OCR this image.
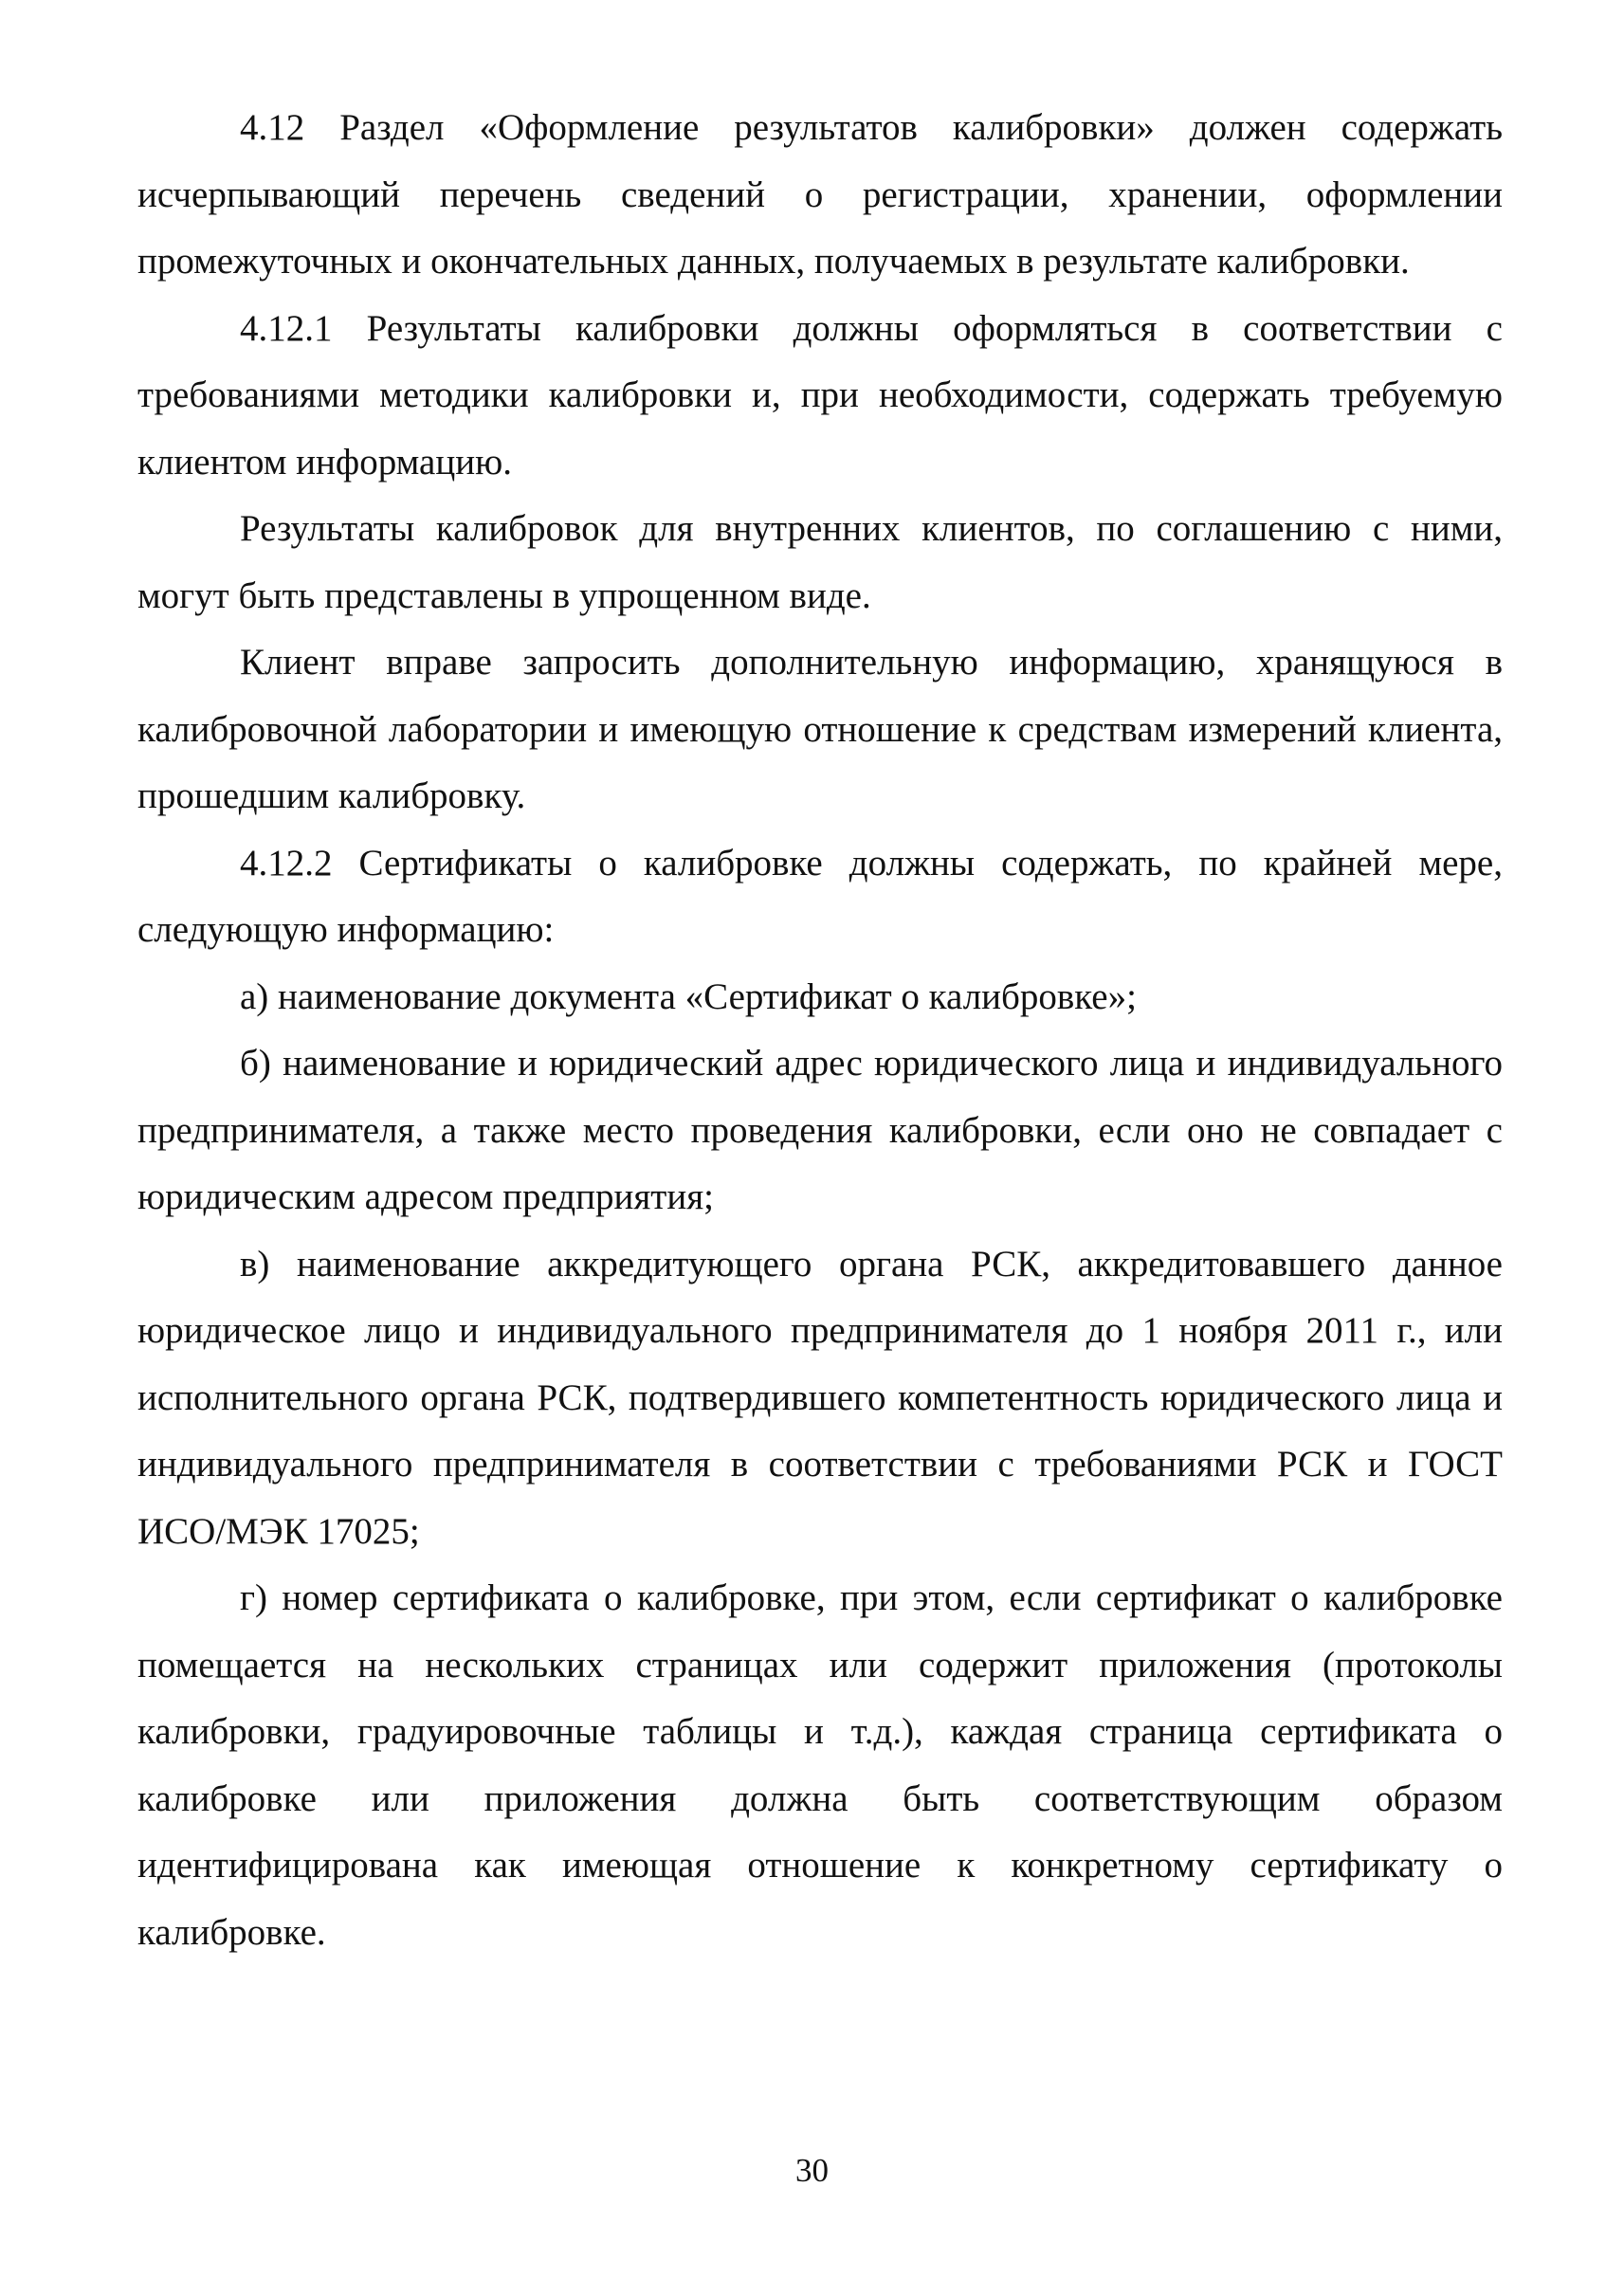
4.12 Раздел «Оформление результатов калибровки» должен содержать исчерпывающий перечень сведений о регистрации, хранении, оформлении промежуточных и окончательных данных, получаемых в результате калибровки.

4.12.1 Результаты калибровки должны оформляться в соответствии с требованиями методики калибровки и, при необходимости, содержать требуемую клиентом информацию.

Результаты калибровок для внутренних клиентов, по соглашению с ними, могут быть представлены в упрощенном виде.

Клиент вправе запросить дополнительную информацию, хранящуюся в калибровочной лаборатории и имеющую отношение к средствам измерений клиента, прошедшим калибровку.

4.12.2 Сертификаты о калибровке должны содержать, по крайней мере, следующую информацию:

а) наименование документа «Сертификат о калибровке»;

б) наименование и юридический адрес юридического лица и индивидуального предпринимателя, а также место проведения калибровки, если оно не совпадает с юридическим адресом предприятия;

в) наименование аккредитующего органа РСК, аккредитовавшего данное юридическое лицо и индивидуального предпринимателя до 1 ноября 2011 г., или исполнительного органа РСК, подтвердившего компетентность юридического лица и индивидуального предпринимателя в соответствии с требованиями РСК и ГОСТ ИСО/МЭК 17025;

г) номер сертификата о калибровке, при этом, если сертификат о калибровке помещается на нескольких страницах или содержит приложения (протоколы калибровки, градуировочные таблицы и т.д.), каждая страница сертификата о калибровке или приложения должна быть соответствующим образом идентифицирована как имеющая отношение к конкретному сертификату о калибровке.

30
